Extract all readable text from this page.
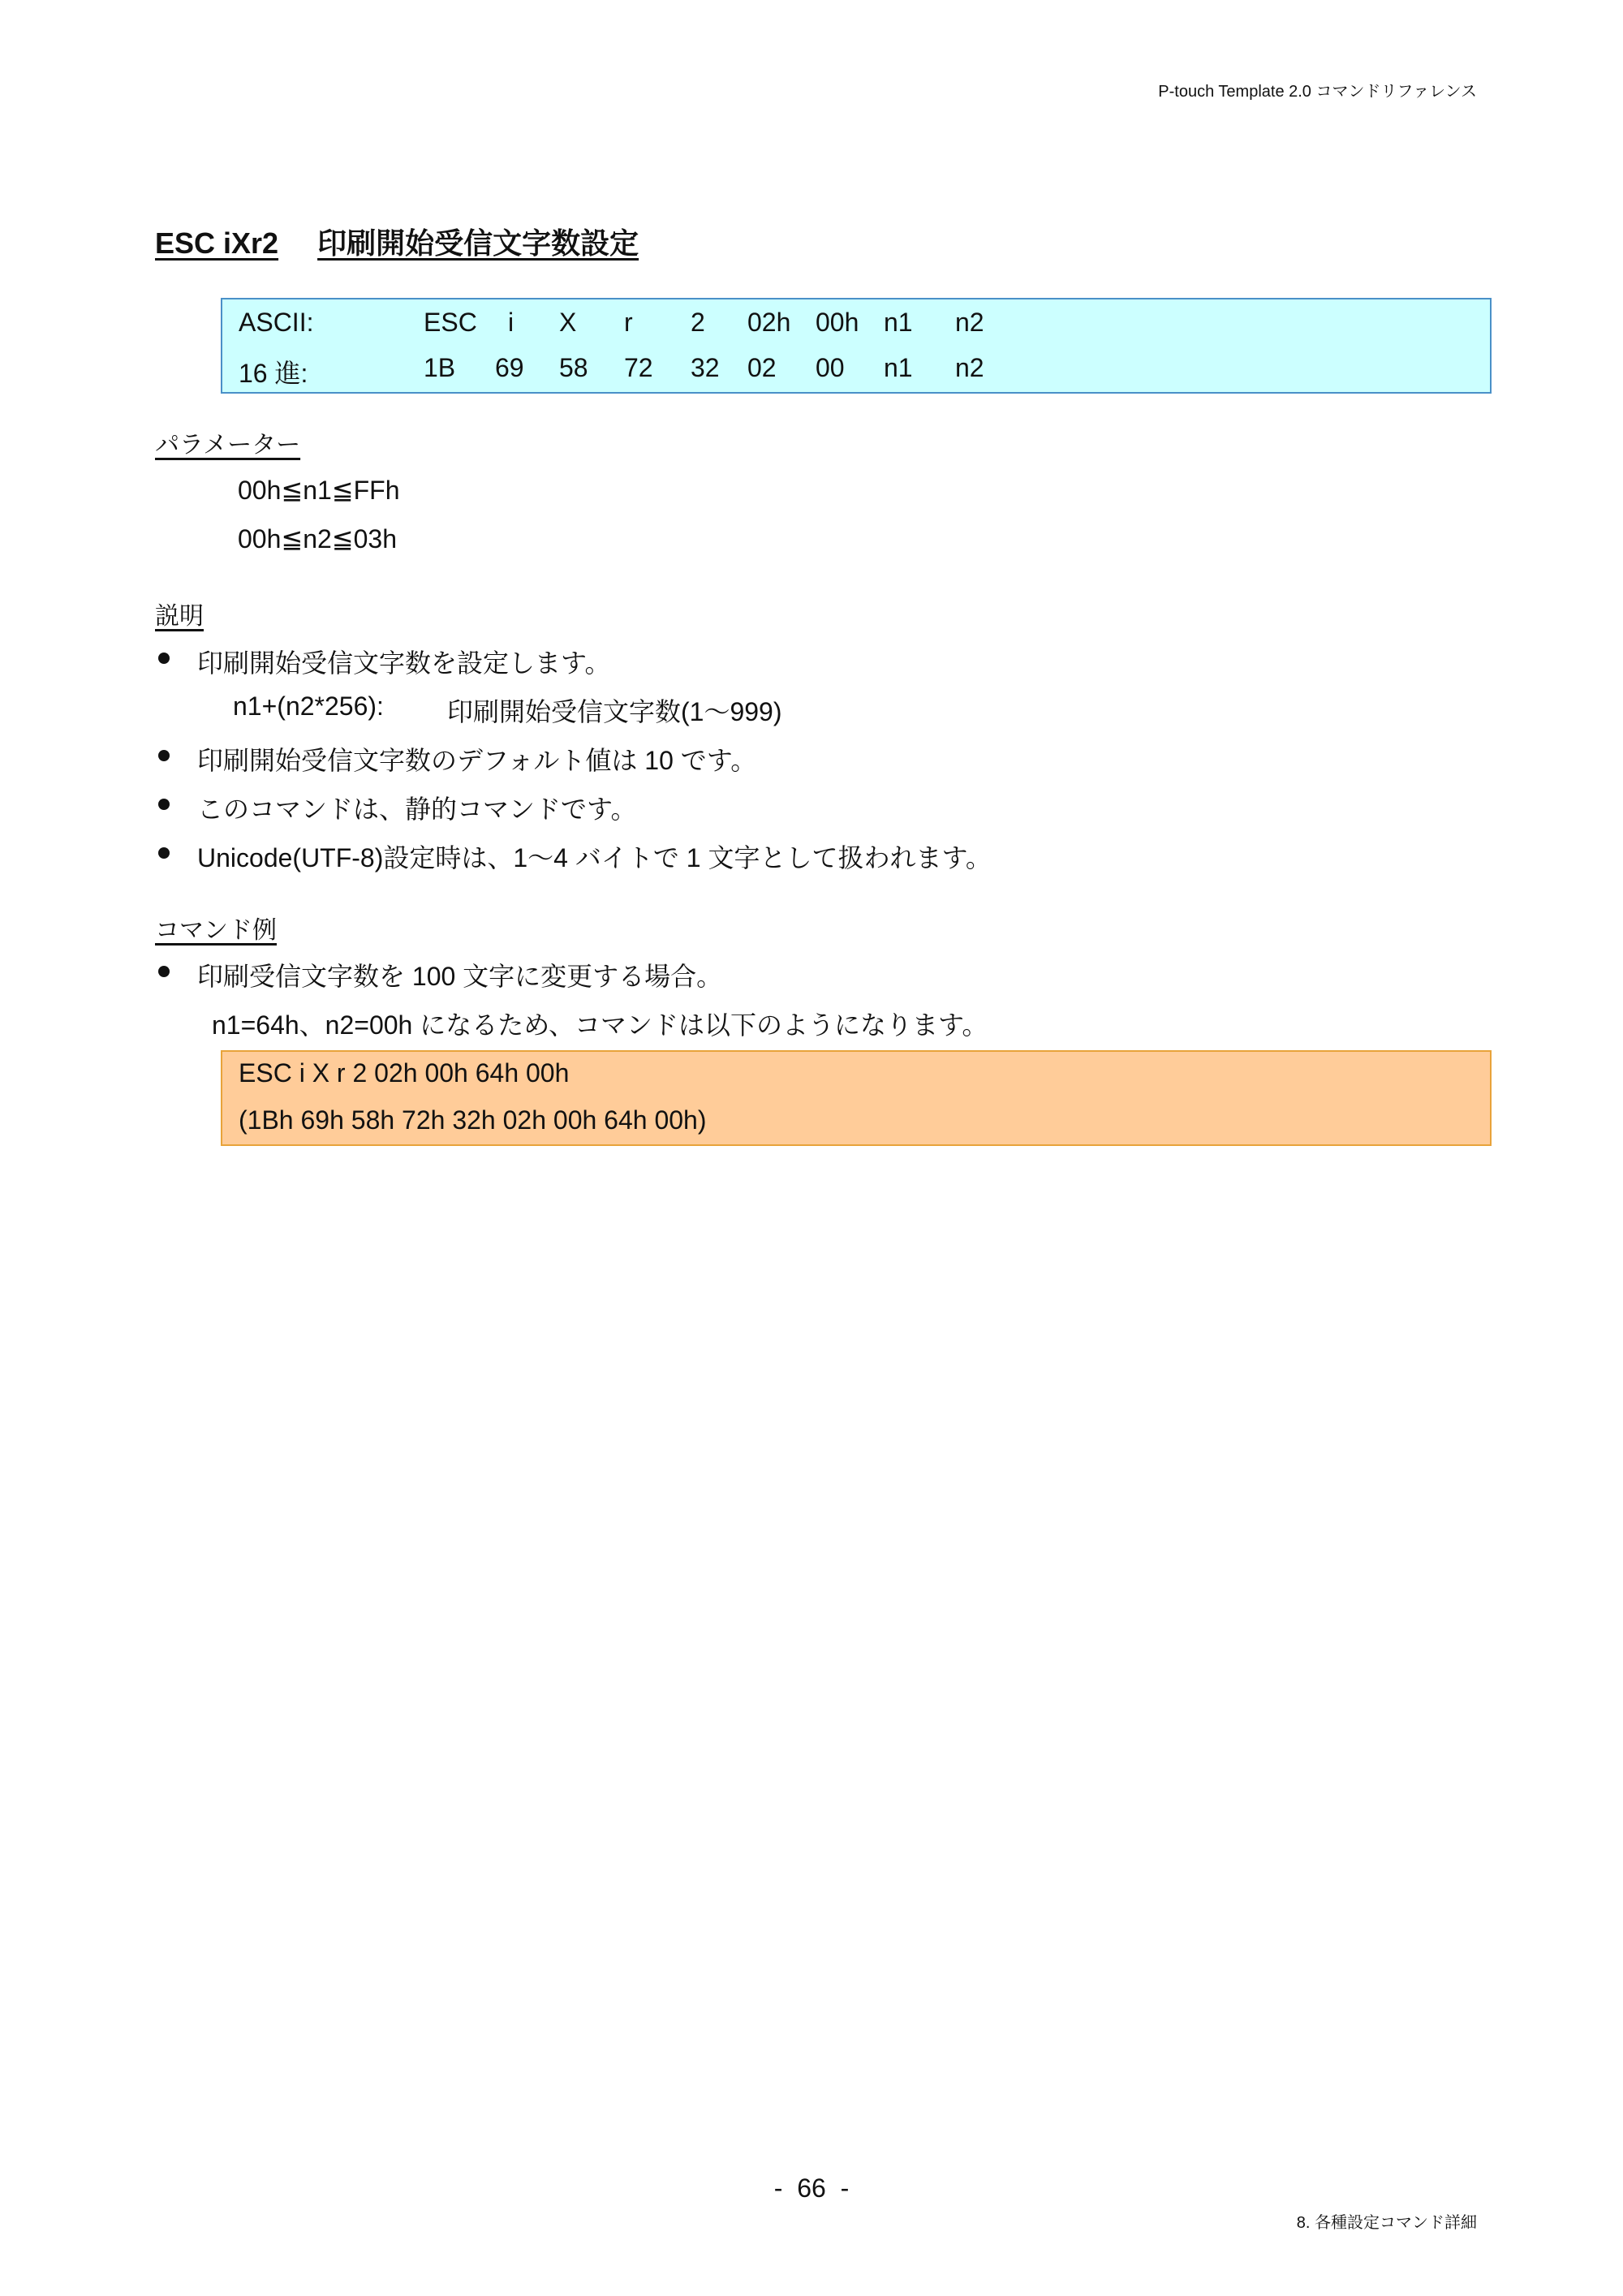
P-touch Template 2.0 コマンドリファレンス
ESC iXr2 印刷開始受信文字数設定
ASCII:	ESC i X r 2 02h 00h n1 n2
16 進:	1B 69 58 72 32 02 00 n1 n2
パラメーター
00h≦n1≦FFh
00h≦n2≦03h
説明
印刷開始受信文字数を設定します。
n1+(n2*256): 印刷開始受信文字数(1～999)
印刷開始受信文字数のデフォルト値は 10 です。
このコマンドは、静的コマンドです。
Unicode(UTF-8)設定時は、1～4 バイトで 1 文字として扱われます。
コマンド例
印刷受信文字数を 100 文字に変更する場合。
n1=64h、n2=00h になるため、コマンドは以下のようになります。
ESC i X r 2 02h 00h 64h 00h
(1Bh 69h 58h 72h 32h 02h 00h 64h 00h)
-  66  -
8. 各種設定コマンド詳細
